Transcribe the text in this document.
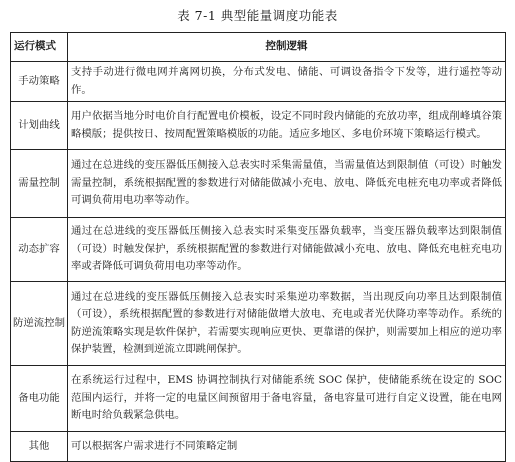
表 7-1 典型能量调度功能表
运行模式	控制逻辑
手动策略	支持手动进行微电网并离网切换，分布式发电、储能、可调设备指令下发等，进行遥控等动作。
计划曲线	用户依据当地分时电价自行配置电价模板，设定不同时段内储能的充放功率，组成削峰填谷策略模版；提供按日、按周配置策略模版的功能。适应多地区、多电价环境下策略运行模式。
需量控制	通过在总进线的变压器低压侧接入总表实时采集需量值，当需量值达到限制值（可设）时触发需量控制，系统根据配置的参数进行对储能做减小充电、放电、降低充电桩充电功率或者降低可调负荷用电功率等动作。
动态扩容	通过在总进线的变压器低压侧接入总表实时采集变压器负载率，当变压器负载率达到限制值（可设）时触发保护，系统根据配置的参数进行对储能做减小充电、放电、降低充电桩充电功率或者降低可调负荷用电功率等动作。
防逆流控制	通过在总进线的变压器低压侧接入总表实时采集逆功率数据，当出现反向功率且达到限制值（可设），系统根据配置的参数进行对储能做增大放电、充电或者光伏降功率等动作。系统的防逆流策略实现是软件保护，若需要实现响应更快、更靠谱的保护，则需要加上相应的逆功率保护装置，检测到逆流立即跳闸保护。
备电功能	在系统运行过程中，EMS 协调控制执行对储能系统 SOC 保护，使储能系统在设定的 SOC 范围内运行，并将一定的电量区间预留用于备电容量，备电容量可进行自定义设置，能在电网断电时给负载紧急供电。
其他	可以根据客户需求进行不同策略定制
